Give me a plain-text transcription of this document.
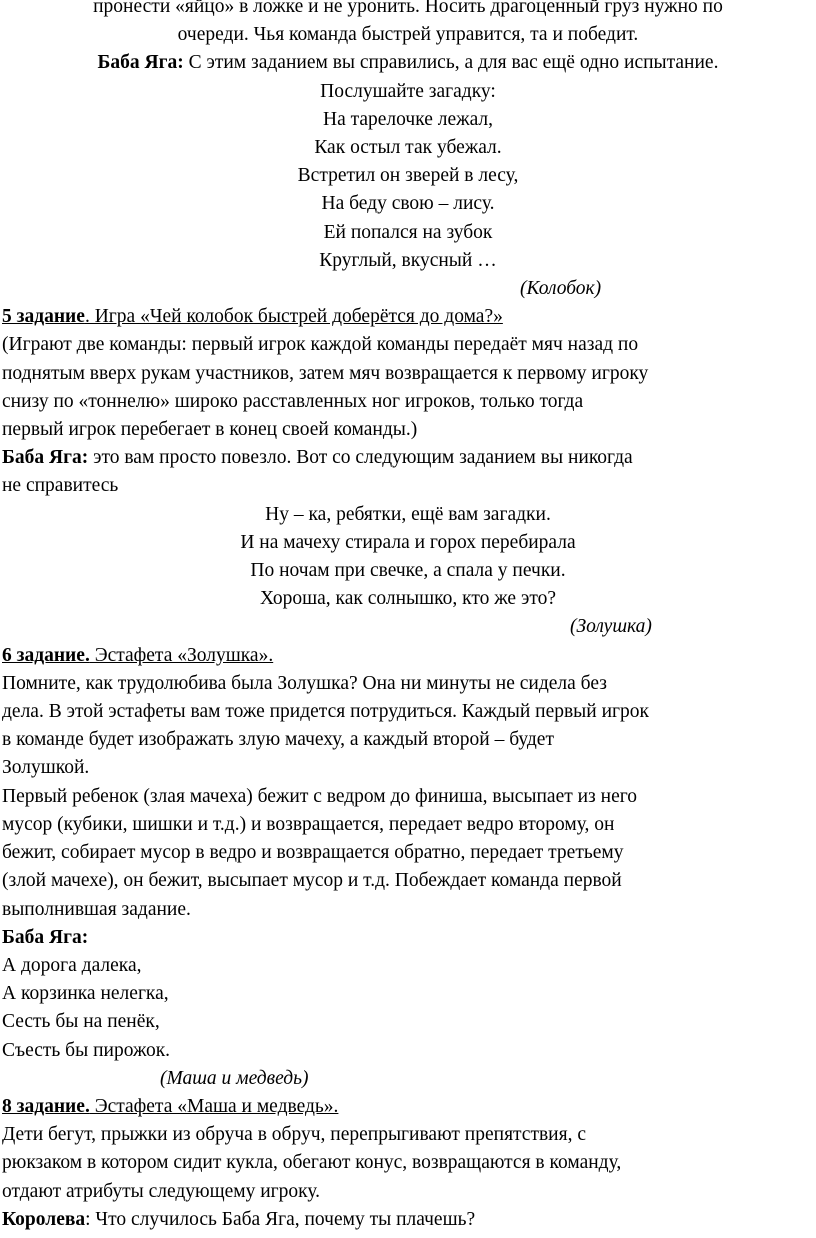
пронести «яйцо» в ложке и не уронить. Носить драгоценный груз нужно по

очереди. Чья команда быстрей управится, та и победит.

Баба Яга: С этим заданием вы справились, а для вас ещё одно испытание.

Послушайте загадку:

На тарелочке лежал,

Как остыл так убежал.

Встретил он зверей в лесу,

На беду свою – лису.

Ей попался на зубок

Круглый, вкусный …

(Колобок)

5 задание. Игра «Чей колобок быстрей доберётся до дома?»

(Играют две команды: первый игрок каждой команды передаёт мяч назад по

поднятым вверх рукам участников, затем мяч возвращается к первому игроку

снизу по «тоннелю» широко расставленных ног игроков, только тогда

первый игрок перебегает в конец своей команды.)

Баба Яга: это вам просто повезло. Вот со следующим заданием вы никогда

не справитесь

Ну – ка, ребятки, ещё вам загадки.

И на мачеху стирала и горох перебирала

По ночам при свечке, а спала у печки.

Хороша, как солнышко, кто же это?

(Золушка)

6 задание. Эстафета «Золушка».

Помните, как трудолюбива была Золушка? Она ни минуты не сидела без

дела. В этой эстафеты вам тоже придется потрудиться. Каждый первый игрок

в команде будет изображать злую мачеху, а каждый второй – будет

Золушкой.

Первый ребенок (злая мачеха) бежит с ведром до финиша, высыпает из него

мусор (кубики, шишки и т.д.) и возвращается, передает ведро второму, он

бежит, собирает мусор в ведро и возвращается обратно, передает третьему

(злой мачехе), он бежит, высыпает мусор и т.д. Побеждает команда первой

выполнившая задание.

Баба Яга:

А дорога далека,

А корзинка нелегка,

Сесть бы на пенёк,

Съесть бы пирожок.

(Маша и медведь)

8 задание. Эстафета «Маша и медведь».

Дети бегут, прыжки из обруча в обруч, перепрыгивают препятствия, с

рюкзаком в котором сидит кукла, обегают конус, возвращаются в команду,

отдают атрибуты следующему игроку.

Королева: Что случилось Баба Яга, почему ты плачешь?
